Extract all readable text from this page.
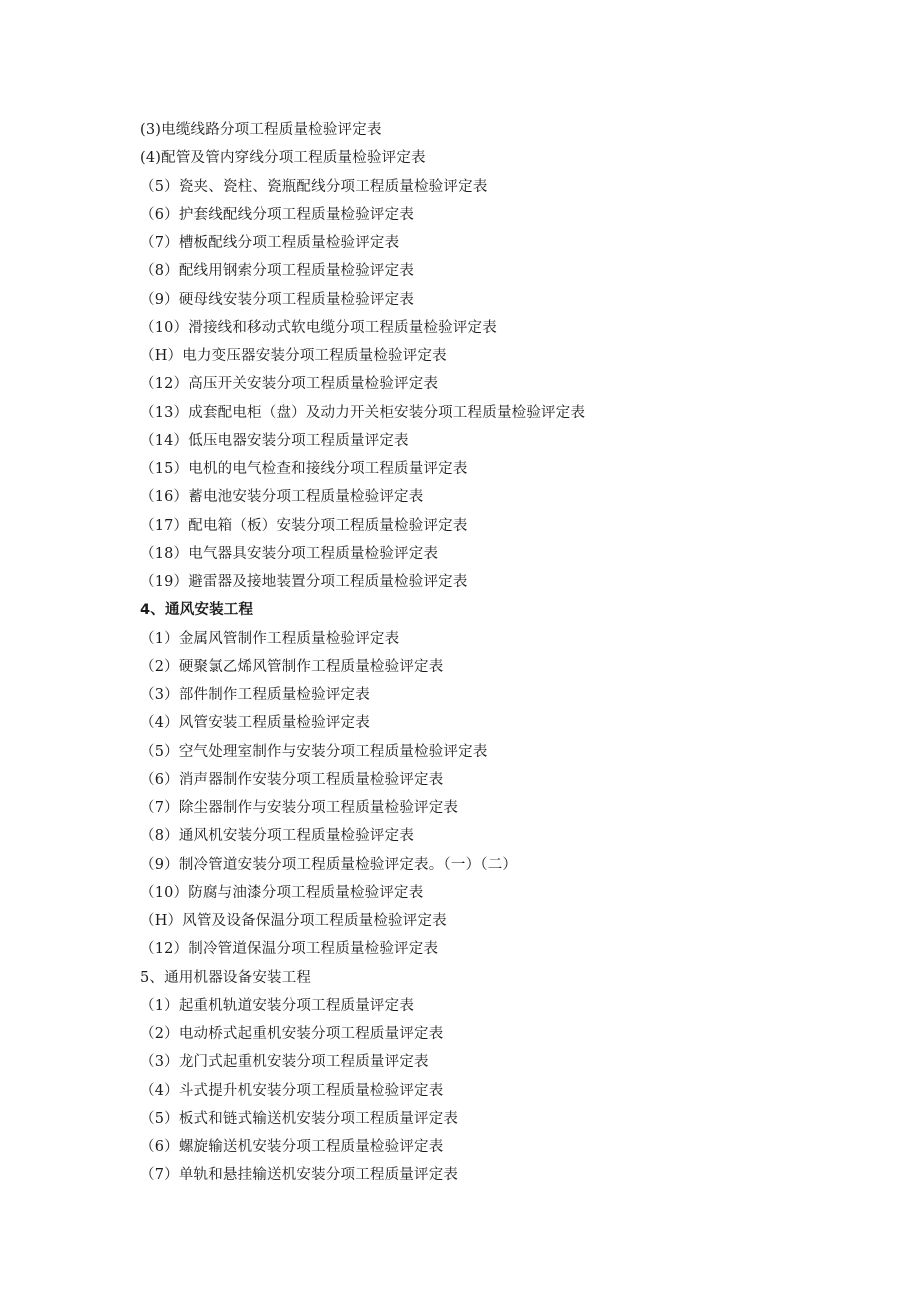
(3)电缆线路分项工程质量检验评定表
(4)配管及管内穿线分项工程质量检验评定表
（5）瓷夹、瓷柱、瓷瓶配线分项工程质量检验评定表
（6）护套线配线分项工程质量检验评定表
（7）槽板配线分项工程质量检验评定表
（8）配线用钢索分项工程质量检验评定表
（9）硬母线安装分项工程质量检验评定表
（10）滑接线和移动式软电缆分项工程质量检验评定表
（H）电力变压器安装分项工程质量检验评定表
（12）高压开关安装分项工程质量检验评定表
（13）成套配电柜（盘）及动力开关柜安装分项工程质量检验评定表
（14）低压电器安装分项工程质量评定表
（15）电机的电气检查和接线分项工程质量评定表
（16）蓄电池安装分项工程质量检验评定表
（17）配电箱（板）安装分项工程质量检验评定表
（18）电气器具安装分项工程质量检验评定表
（19）避雷器及接地装置分项工程质量检验评定表
4、通风安装工程
（1）金属风管制作工程质量检验评定表
（2）硬聚氯乙烯风管制作工程质量检验评定表
（3）部件制作工程质量检验评定表
（4）风管安装工程质量检验评定表
（5）空气处理室制作与安装分项工程质量检验评定表
（6）消声器制作安装分项工程质量检验评定表
（7）除尘器制作与安装分项工程质量检验评定表
（8）通风机安装分项工程质量检验评定表
（9）制冷管道安装分项工程质量检验评定表。（一）（二）
（10）防腐与油漆分项工程质量检验评定表
（H）风管及设备保温分项工程质量检验评定表
（12）制冷管道保温分项工程质量检验评定表
5、通用机器设备安装工程
（1）起重机轨道安装分项工程质量评定表
（2）电动桥式起重机安装分项工程质量评定表
（3）龙门式起重机安装分项工程质量评定表
（4）斗式提升机安装分项工程质量检验评定表
（5）板式和链式输送机安装分项工程质量评定表
（6）螺旋输送机安装分项工程质量检验评定表
（7）单轨和悬挂输送机安装分项工程质量评定表
